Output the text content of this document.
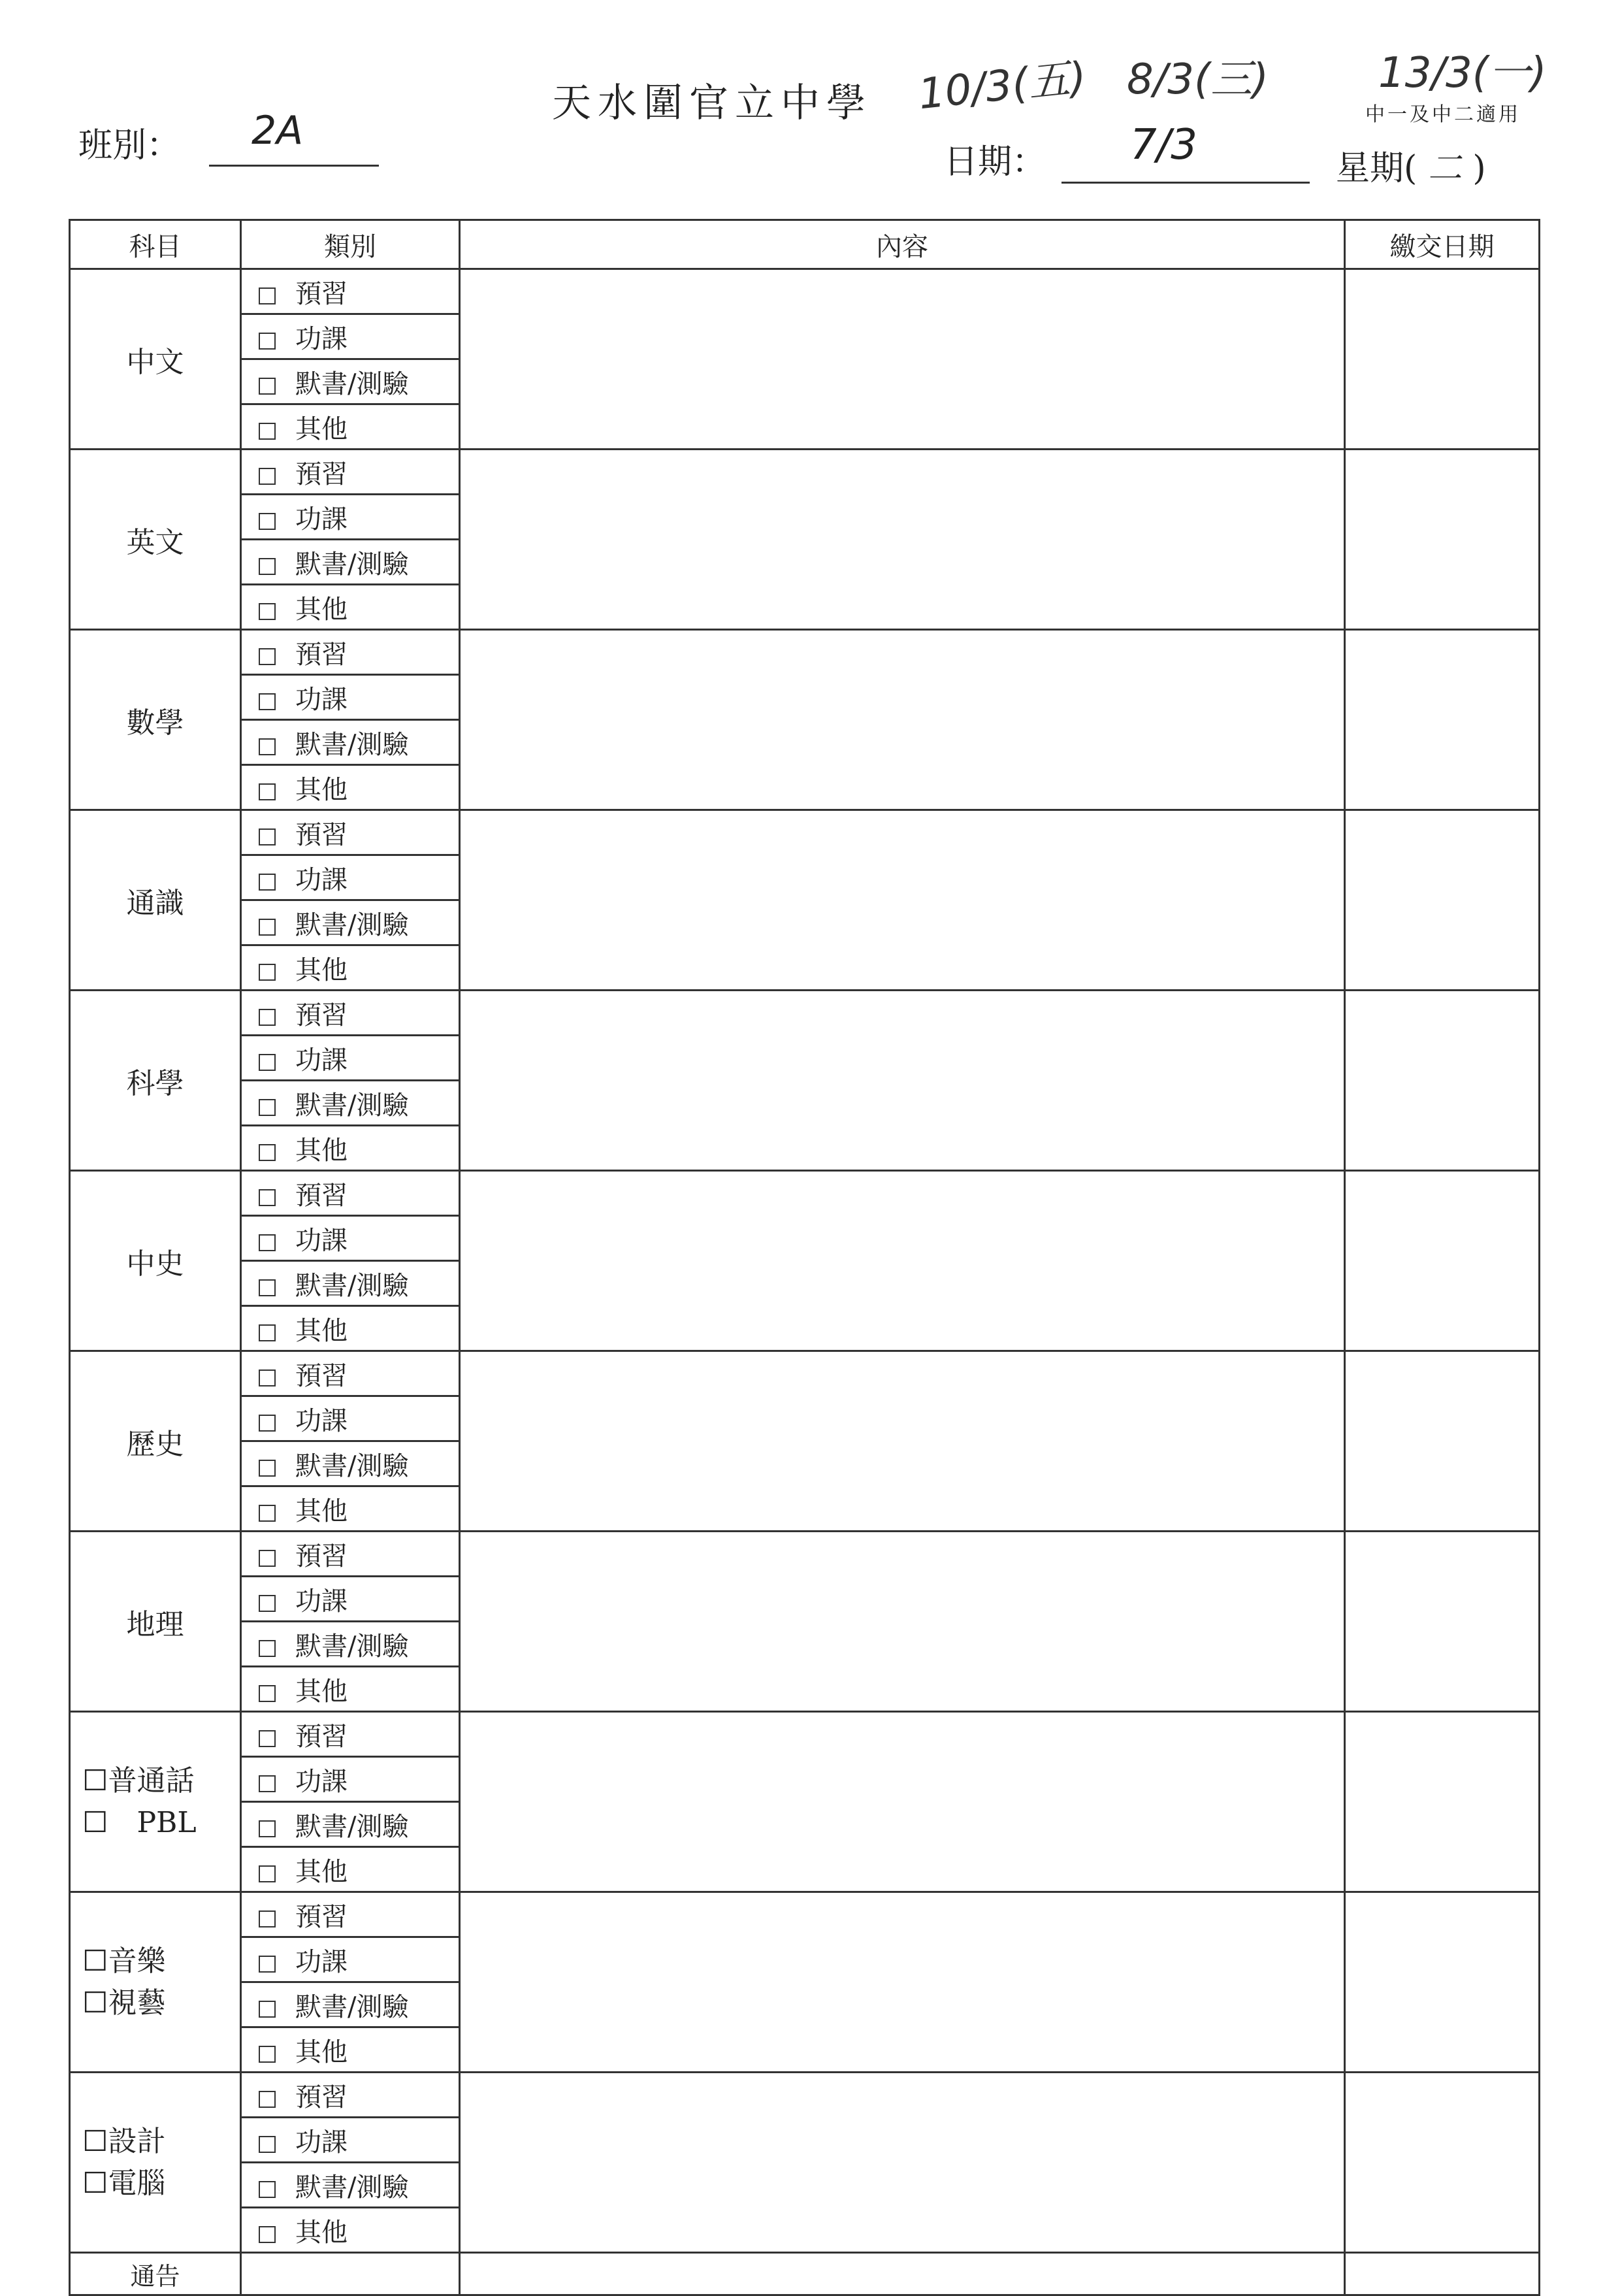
天水圍官立中學 10/3(五) 8/3(三)	13/3(一)
中一及中二適用
班別： 2A
日期： 7/3	星期( 二 )
科目	類別	內容	繳交日期
中文	預習		
	功課		
	默書/測驗		
	其他		
英文	預習		
	功課		
	默書/測驗		
	其他		
數學	預習		
	功課		
	默書/測驗		
	其他		
通識	預習		
	功課		
	默書/測驗		
	其他		
科學	預習		
	功課		
	默書/測驗		
	其他		
中史	預習		
	功課		
	默書/測驗		
	其他		
歷史	預習		
	功課		
	默書/測驗		
	其他		
地理	預習		
	功課		
	默書/測驗		
	其他		

☐普通話
☐　PBL	預習		
	功課		
	默書/測驗		
	其他		

☐音樂
☐視藝	預習		
	功課		
	默書/測驗		
	其他		

☐設計
☐電腦	預習		
	功課		
	默書/測驗		
	其他		
通告			
